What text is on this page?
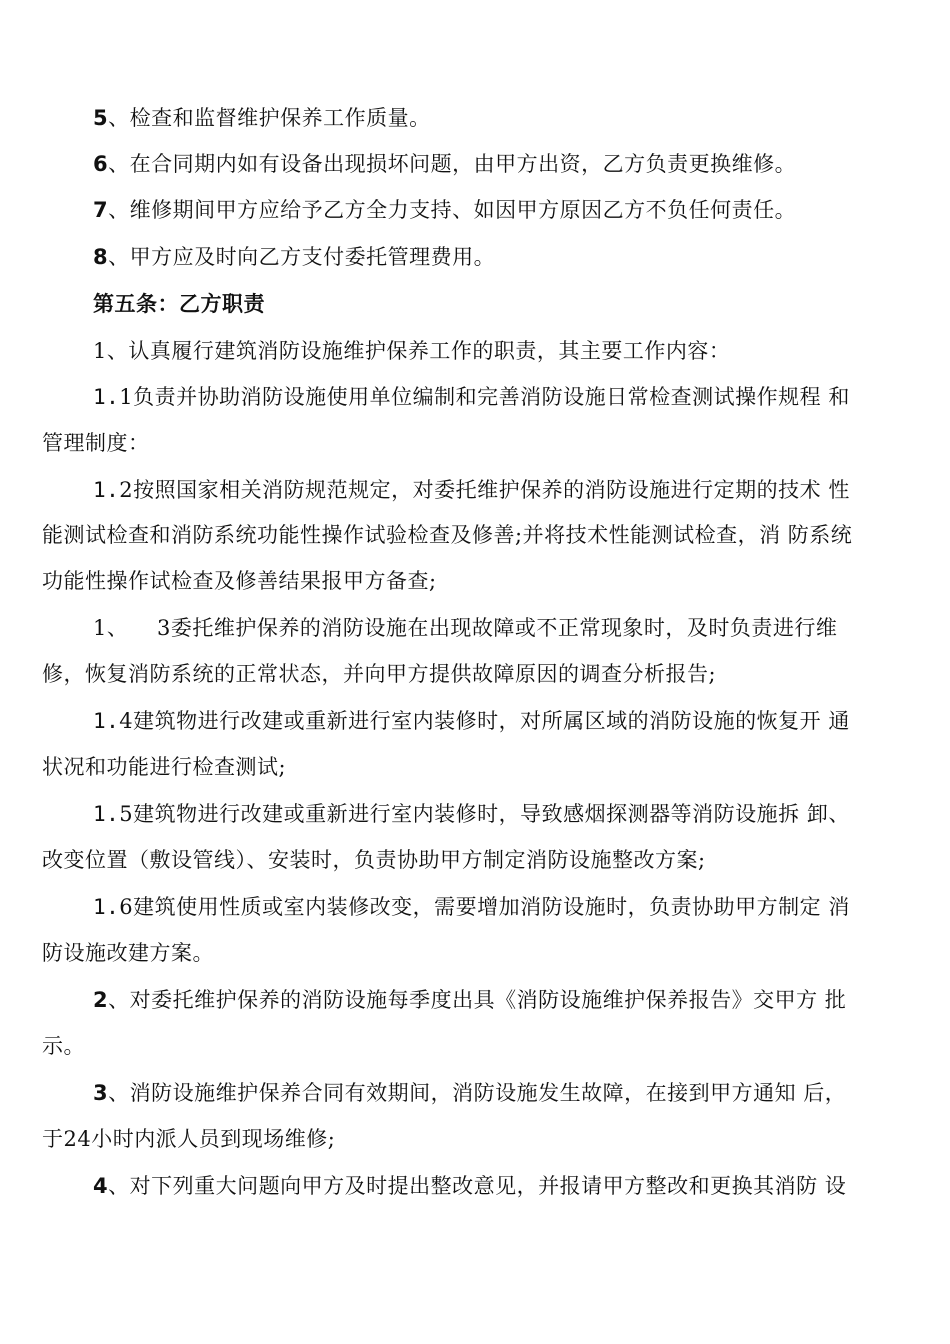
5、检查和监督维护保养工作质量。
6、在合同期内如有设备出现损坏问题，由甲方出资，乙方负责更换维修。
7、维修期间甲方应给予乙方全力支持、如因甲方原因乙方不负任何责任。
8、甲方应及时向乙方支付委托管理费用。
第五条：乙方职责
1、认真履行建筑消防设施维护保养工作的职责，其主要工作内容：
1.1负责并协助消防设施使用单位编制和完善消防设施日常检查测试操作规程 和
管理制度：
1.2按照国家相关消防规范规定，对委托维护保养的消防设施进行定期的技术 性
能测试检查和消防系统功能性操作试验检查及修善;并将技术性能测试检查，消 防系统
功能性操作试检查及修善结果报甲方备查;
1、    3委托维护保养的消防设施在出现故障或不正常现象时，及时负责进行维
修，恢复消防系统的正常状态，并向甲方提供故障原因的调查分析报告;
1.4建筑物进行改建或重新进行室内装修时，对所属区域的消防设施的恢复开 通
状况和功能进行检查测试;
1.5建筑物进行改建或重新进行室内装修时，导致感烟探测器等消防设施拆 卸、
改变位置（敷设管线）、安装时，负责协助甲方制定消防设施整改方案;
1.6建筑使用性质或室内装修改变，需要增加消防设施时，负责协助甲方制定 消
防设施改建方案。
2、对委托维护保养的消防设施每季度出具《消防设施维护保养报告》交甲方 批
示。
3、消防设施维护保养合同有效期间，消防设施发生故障，在接到甲方通知 后，
于24小时内派人员到现场维修;
4、对下列重大问题向甲方及时提出整改意见，并报请甲方整改和更换其消防 设
